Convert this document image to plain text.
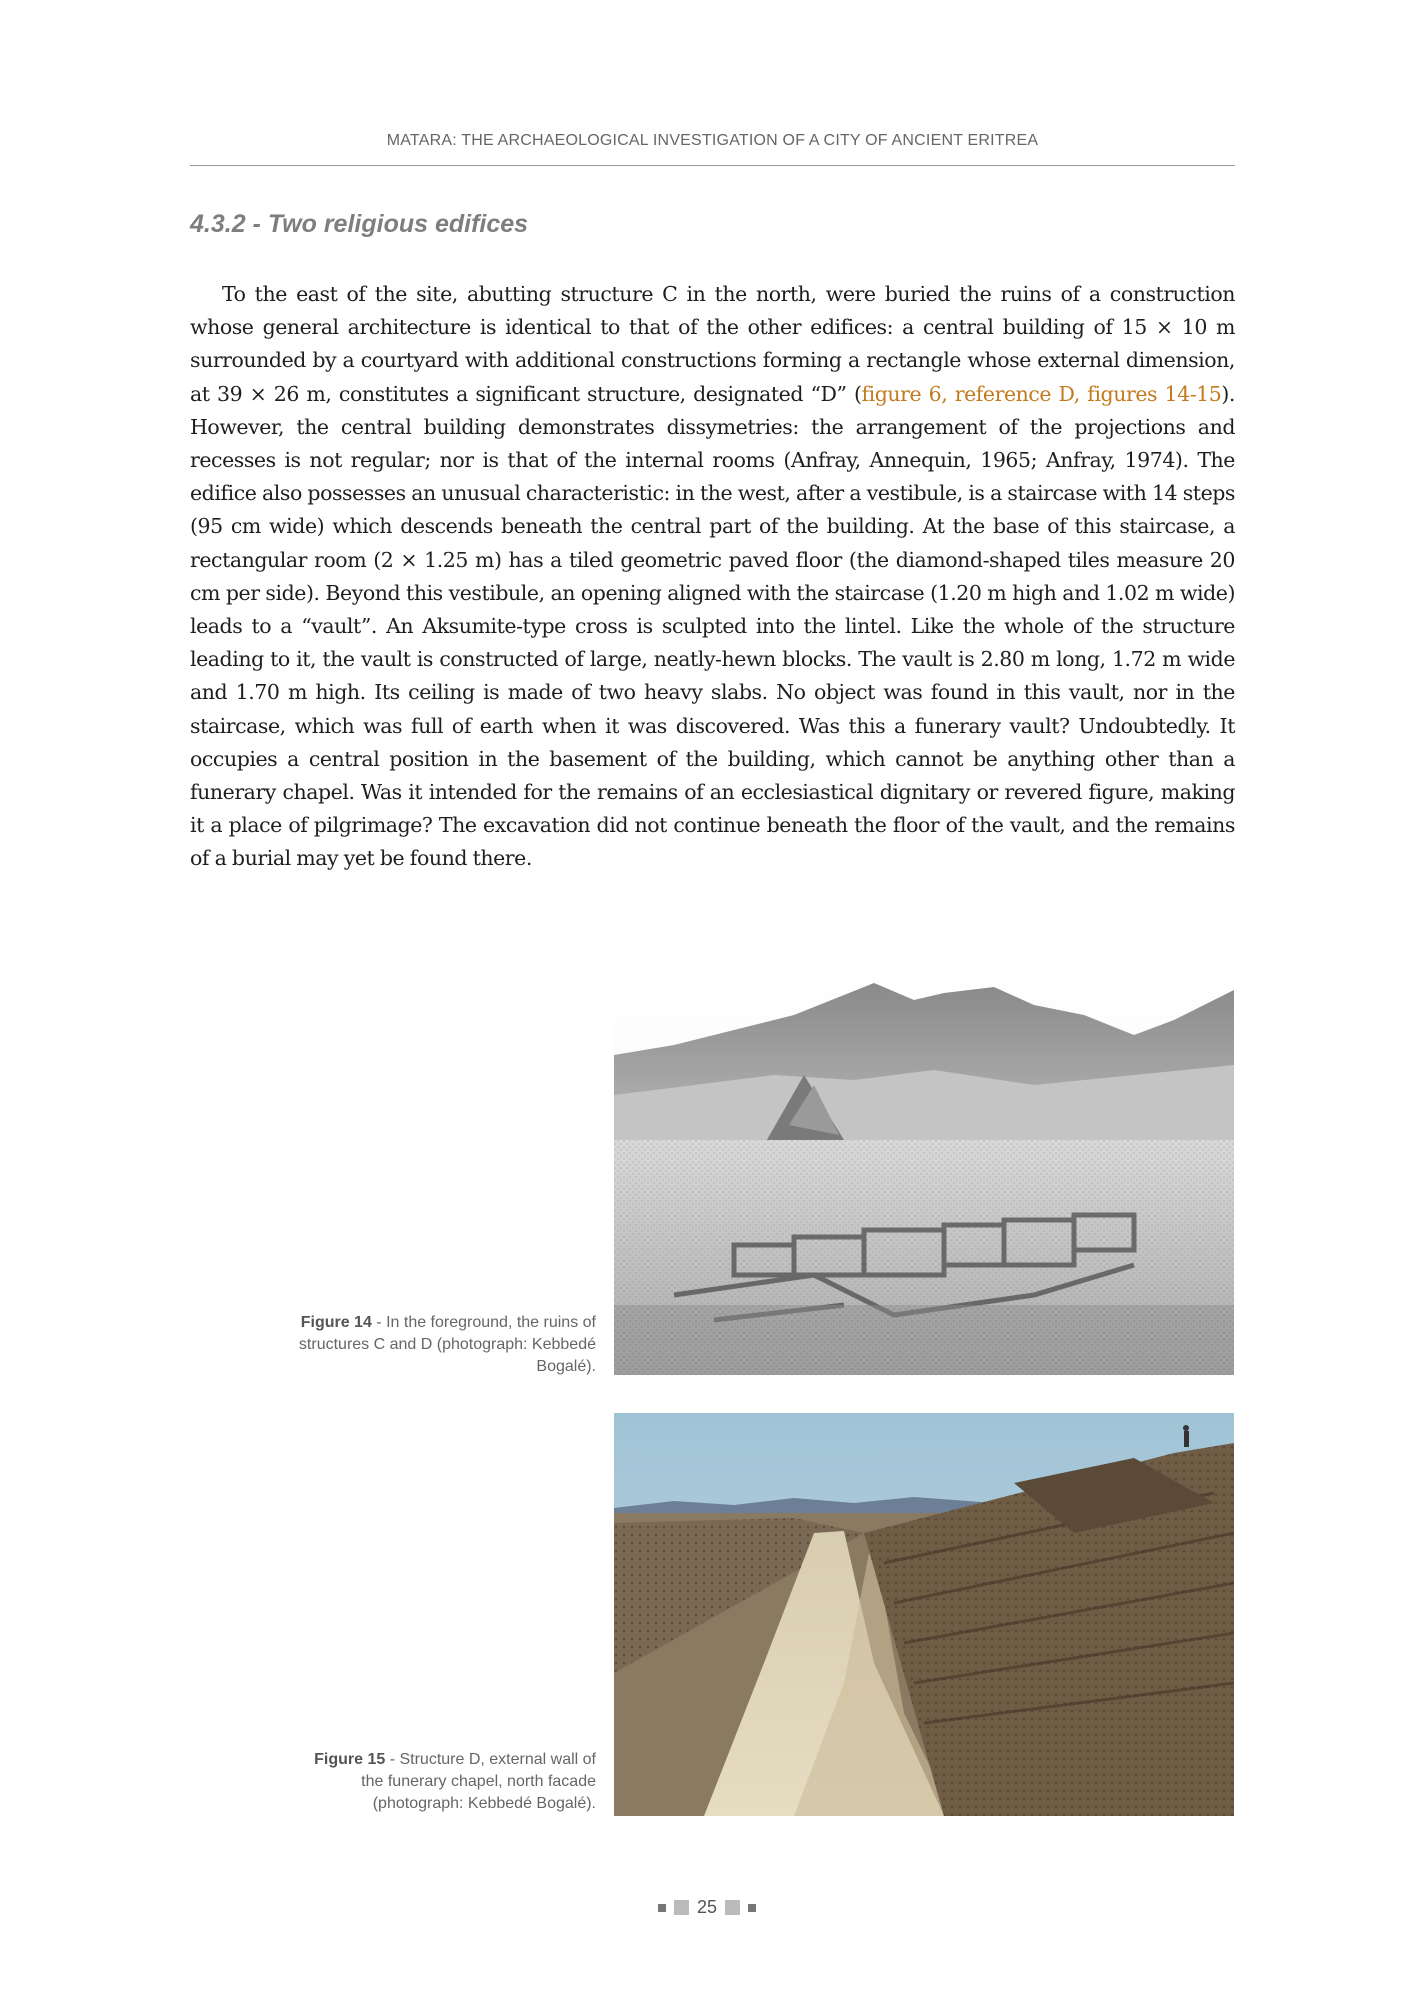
MATARA: THE ARCHAEOLOGICAL INVESTIGATION OF A CITY OF ANCIENT ERITREA
4.3.2 - Two religious edifices

To the east of the site, abutting structure C in the north, were buried the ruins of a construction whose general architecture is identical to that of the other edifices: a central building of 15 × 10 m surrounded by a courtyard with additional constructions forming a rectangle whose external dimension, at 39 × 26 m, constitutes a significant structure, designated “D” (figure 6, reference D, figures 14-15). However, the central building demonstrates dissymetries: the arrangement of the projections and recesses is not regular; nor is that of the internal rooms (Anfray, Annequin, 1965; Anfray, 1974). The edifice also possesses an unusual characteristic: in the west, after a vestibule, is a staircase with 14 steps (95 cm wide) which descends beneath the central part of the building. At the base of this staircase, a rectangular room (2 × 1.25 m) has a tiled geometric paved floor (the diamond-shaped tiles measure 20 cm per side). Beyond this vestibule, an opening aligned with the staircase (1.20 m high and 1.02 m wide) leads to a “vault”. An Aksumite-type cross is sculpted into the lintel. Like the whole of the structure leading to it, the vault is constructed of large, neatly-hewn blocks. The vault is 2.80 m long, 1.72 m wide and 1.70 m high. Its ceiling is made of two heavy slabs. No object was found in this vault, nor in the staircase, which was full of earth when it was discovered. Was this a funerary vault? Undoubtedly. It occupies a central position in the basement of the building, which cannot be anything other than a funerary chapel. Was it intended for the remains of an ecclesiastical dignitary or revered figure, making it a place of pilgrimage? The excavation did not continue beneath the floor of the vault, and the remains of a burial may yet be found there.

Figure 14 - In the foreground, the ruins of structures C and D (photograph: Kebbedé Bogalé).
Figure 15 - Structure D, external wall of the funerary chapel, north facade (photograph: Kebbedé Bogalé).
25
